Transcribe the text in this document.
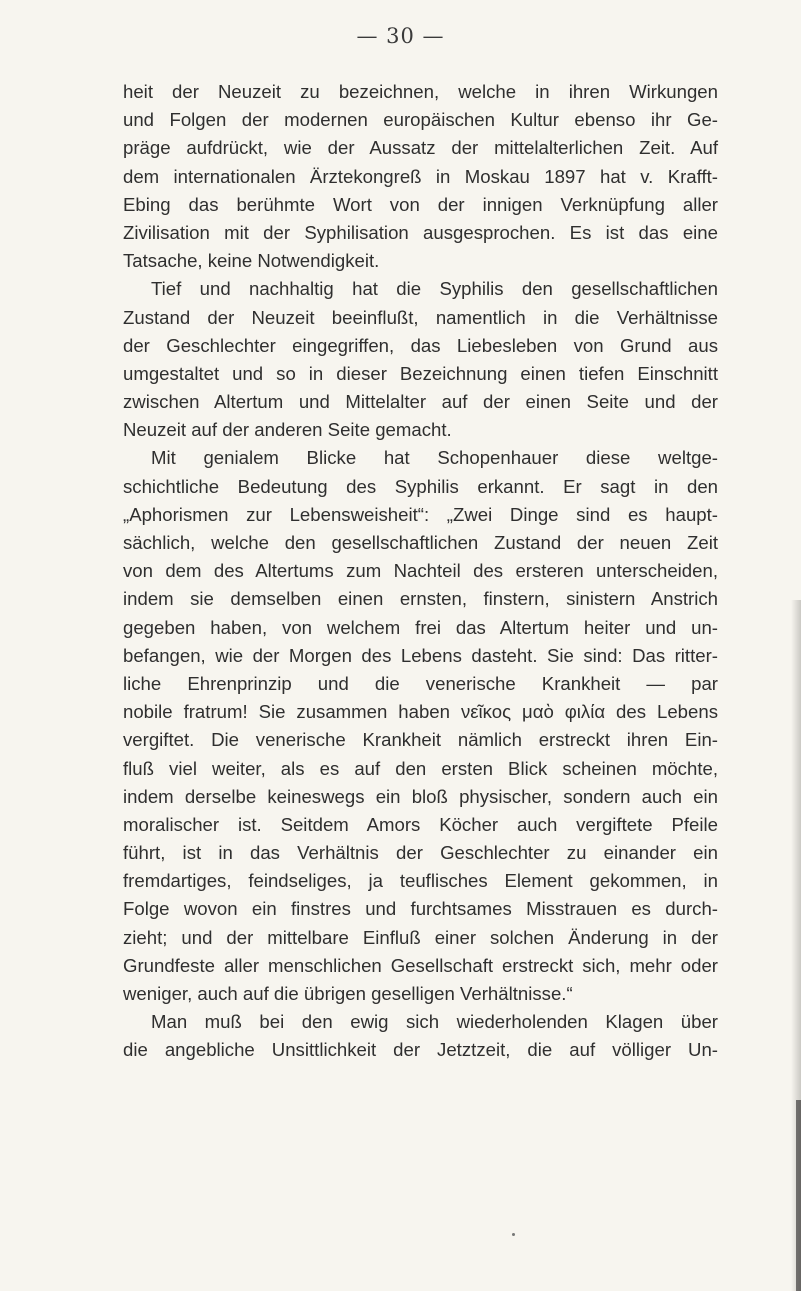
— 30 —
heit der Neuzeit zu bezeichnen, welche in ihren Wirkungen
und Folgen der modernen europäischen Kultur ebenso ihr Ge-
präge aufdrückt, wie der Aussatz der mittelalterlichen Zeit. Auf
dem internationalen Ärztekongreß in Moskau 1897 hat v. Krafft-
Ebing das berühmte Wort von der innigen Verknüpfung aller
Zivilisation mit der Syphilisation ausgesprochen. Es ist das eine
Tatsache, keine Notwendigkeit.
Tief und nachhaltig hat die Syphilis den gesellschaftlichen
Zustand der Neuzeit beeinflußt, namentlich in die Verhältnisse
der Geschlechter eingegriffen, das Liebesleben von Grund aus
umgestaltet und so in dieser Bezeichnung einen tiefen Einschnitt
zwischen Altertum und Mittelalter auf der einen Seite und der
Neuzeit auf der anderen Seite gemacht.
Mit genialem Blicke hat Schopenhauer diese weltge-
schichtliche Bedeutung des Syphilis erkannt. Er sagt in den
„Aphorismen zur Lebensweisheit“: „Zwei Dinge sind es haupt-
sächlich, welche den gesellschaftlichen Zustand der neuen Zeit
von dem des Altertums zum Nachteil des ersteren unterscheiden,
indem sie demselben einen ernsten, finstern, sinistern Anstrich
gegeben haben, von welchem frei das Altertum heiter und un-
befangen, wie der Morgen des Lebens dasteht. Sie sind: Das ritter-
liche Ehrenprinzip und die venerische Krankheit — par
nobile fratrum! Sie zusammen haben νεῖκος μαὸ φιλία des Lebens
vergiftet. Die venerische Krankheit nämlich erstreckt ihren Ein-
fluß viel weiter, als es auf den ersten Blick scheinen möchte,
indem derselbe keineswegs ein bloß physischer, sondern auch ein
moralischer ist. Seitdem Amors Köcher auch vergiftete Pfeile
führt, ist in das Verhältnis der Geschlechter zu einander ein
fremdartiges, feindseliges, ja teuflisches Element gekommen, in
Folge wovon ein finstres und furchtsames Misstrauen es durch-
zieht; und der mittelbare Einfluß einer solchen Änderung in der
Grundfeste aller menschlichen Gesellschaft erstreckt sich, mehr oder
weniger, auch auf die übrigen geselligen Verhältnisse.“
Man muß bei den ewig sich wiederholenden Klagen über
die angebliche Unsittlichkeit der Jetztzeit, die auf völliger Un-
